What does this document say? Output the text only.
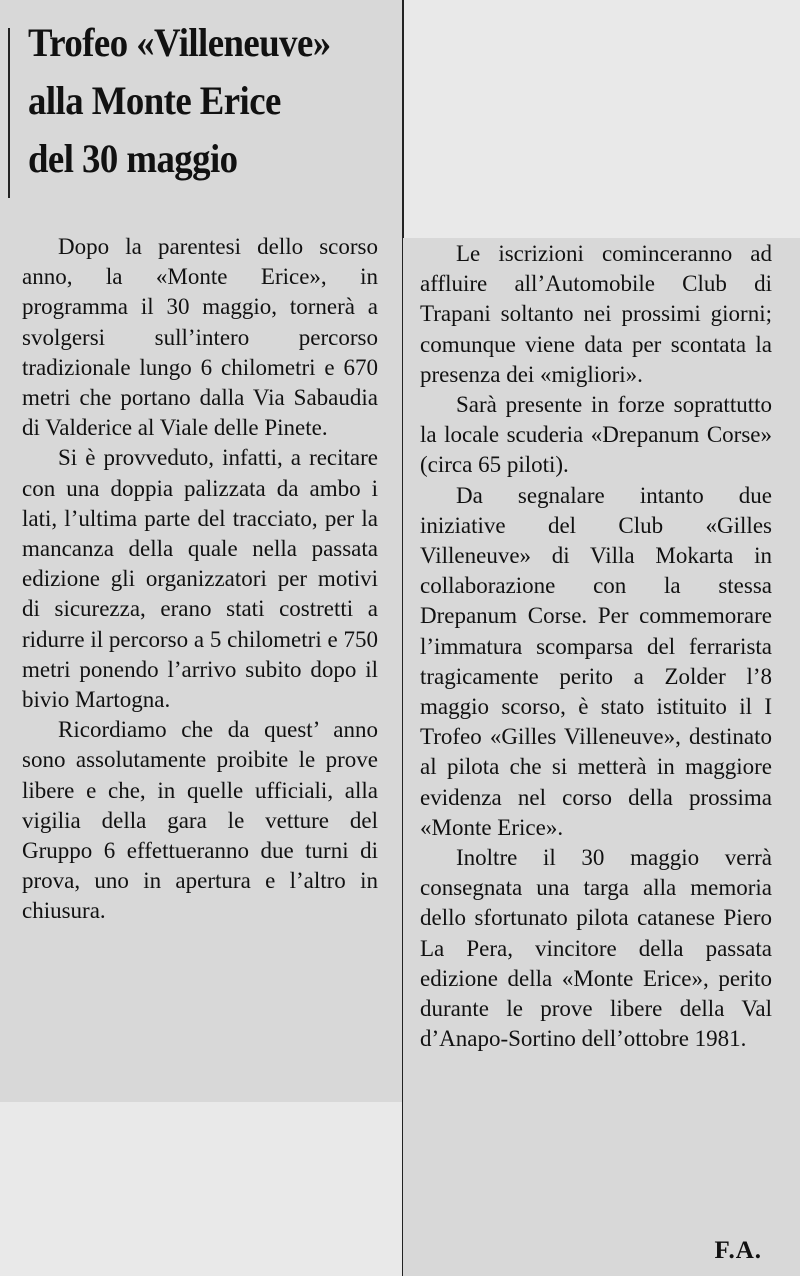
Trofeo «Villeneuve»
alla Monte Erice
del 30 maggio

Dopo la parentesi dello scorso anno, la «Monte Erice», in programma il 30 maggio, tornerà a svolgersi sull’intero percorso tradizionale lungo 6 chilometri e 670 metri che portano dalla Via Sabaudia di Valderice al Viale delle Pinete.

Si è provveduto, infatti, a recitare con una doppia palizzata da ambo i lati, l’ultima parte del tracciato, per la mancanza della quale nella passata edizione gli organizzatori per motivi di sicurezza, erano stati costretti a ridurre il percorso a 5 chilometri e 750 metri ponendo l’arrivo subito dopo il bivio Martogna.

Ricordiamo che da quest’ anno sono assolutamente proibite le prove libere e che, in quelle ufficiali, alla vigilia della gara le vetture del Gruppo 6 effettueranno due turni di prova, uno in apertura e l’altro in chiusura.

Le iscrizioni cominceranno ad affluire all’Automobile Club di Trapani soltanto nei prossimi giorni; comunque viene data per scontata la presenza dei «migliori».

Sarà presente in forze soprattutto la locale scuderia «Drepanum Corse» (circa 65 piloti).

Da segnalare intanto due iniziative del Club «Gilles Villeneuve» di Villa Mokarta in collaborazione con la stessa Drepanum Corse. Per commemorare l’immatura scomparsa del ferrarista tragicamente perito a Zolder l’8 maggio scorso, è stato istituito il I Trofeo «Gilles Villeneuve», destinato al pilota che si metterà in maggiore evidenza nel corso della prossima «Monte Erice».

Inoltre il 30 maggio verrà consegnata una targa alla memoria dello sfortunato pilota catanese Piero La Pera, vincitore della passata edizione della «Monte Erice», perito durante le prove libere della Val d’Anapo-Sortino dell’ottobre 1981.

F.A.
